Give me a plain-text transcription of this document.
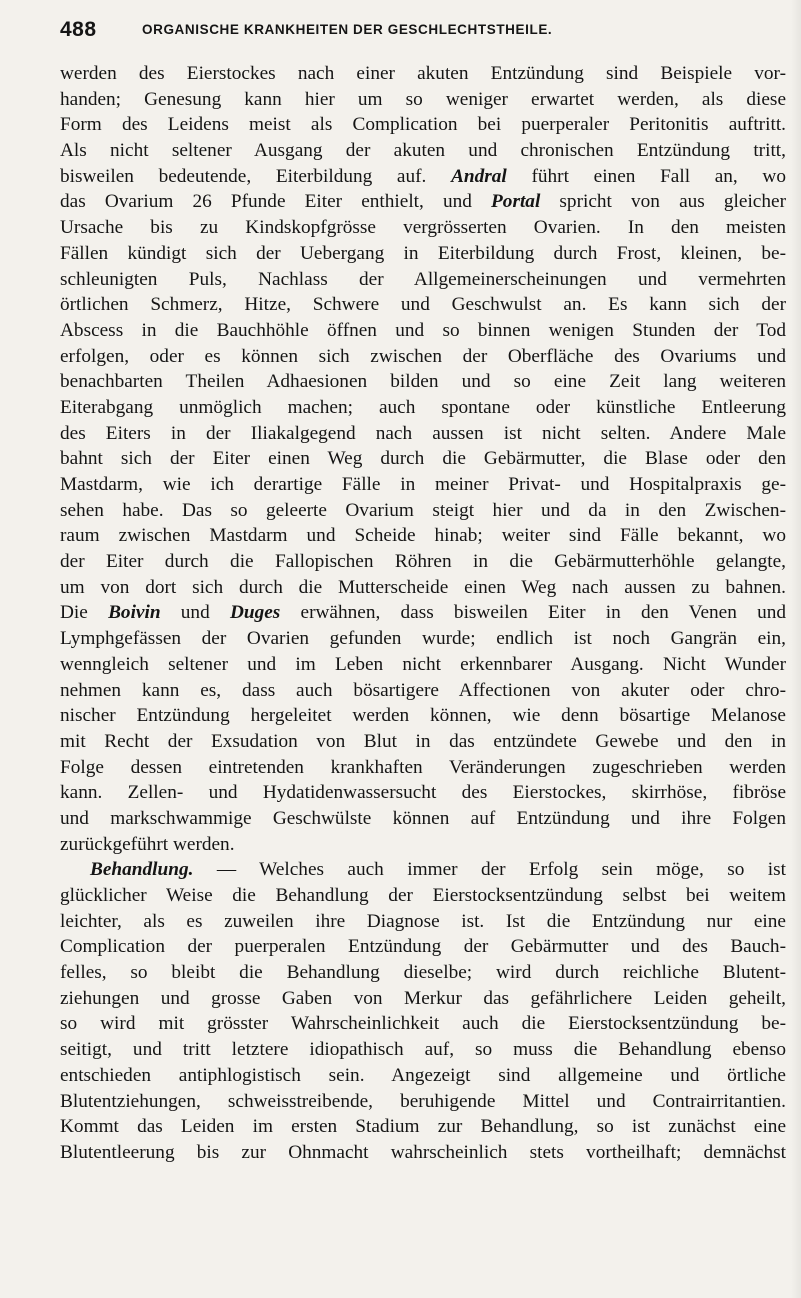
488	ORGANISCHE KRANKHEITEN DER GESCHLECHTSTHEILE.
werden des Eierstockes nach einer akuten Entzündung sind Beispiele vor-
handen; Genesung kann hier um so weniger erwartet werden, als diese
Form des Leidens meist als Complication bei puerperaler Peritonitis auftritt.
Als nicht seltener Ausgang der akuten und chronischen Entzündung tritt,
bisweilen bedeutende, Eiterbildung auf. Andral führt einen Fall an, wo
das Ovarium 26 Pfunde Eiter enthielt, und Portal spricht von aus gleicher
Ursache bis zu Kindskopfgrösse vergrösserten Ovarien. In den meisten
Fällen kündigt sich der Uebergang in Eiterbildung durch Frost, kleinen, be-
schleunigten Puls, Nachlass der Allgemeinerscheinungen und vermehrten
örtlichen Schmerz, Hitze, Schwere und Geschwulst an. Es kann sich der
Abscess in die Bauchhöhle öffnen und so binnen wenigen Stunden der Tod
erfolgen, oder es können sich zwischen der Oberfläche des Ovariums und
benachbarten Theilen Adhaesionen bilden und so eine Zeit lang weiteren
Eiterabgang unmöglich machen; auch spontane oder künstliche Entleerung
des Eiters in der Iliakalgegend nach aussen ist nicht selten. Andere Male
bahnt sich der Eiter einen Weg durch die Gebärmutter, die Blase oder den
Mastdarm, wie ich derartige Fälle in meiner Privat- und Hospitalpraxis ge-
sehen habe. Das so geleerte Ovarium steigt hier und da in den Zwischen-
raum zwischen Mastdarm und Scheide hinab; weiter sind Fälle bekannt, wo
der Eiter durch die Fallopischen Röhren in die Gebärmutterhöhle gelangte,
um von dort sich durch die Mutterscheide einen Weg nach aussen zu bahnen.
Die Boivin und Duges erwähnen, dass bisweilen Eiter in den Venen und
Lymphgefässen der Ovarien gefunden wurde; endlich ist noch Gangrän ein,
wenngleich seltener und im Leben nicht erkennbarer Ausgang. Nicht Wunder
nehmen kann es, dass auch bösartigere Affectionen von akuter oder chro-
nischer Entzündung hergeleitet werden können, wie denn bösartige Melanose
mit Recht der Exsudation von Blut in das entzündete Gewebe und den in
Folge dessen eintretenden krankhaften Veränderungen zugeschrieben werden
kann. Zellen- und Hydatidenwassersucht des Eierstockes, skirrhöse, fibröse
und markschwammige Geschwülste können auf Entzündung und ihre Folgen
zurückgeführt werden.
Behandlung. — Welches auch immer der Erfolg sein möge, so ist
glücklicher Weise die Behandlung der Eierstocksentzündung selbst bei weitem
leichter, als es zuweilen ihre Diagnose ist. Ist die Entzündung nur eine
Complication der puerperalen Entzündung der Gebärmutter und des Bauch-
felles, so bleibt die Behandlung dieselbe; wird durch reichliche Blutent-
ziehungen und grosse Gaben von Merkur das gefährlichere Leiden geheilt,
so wird mit grösster Wahrscheinlichkeit auch die Eierstocksentzündung be-
seitigt, und tritt letztere idiopathisch auf, so muss die Behandlung ebenso
entschieden antiphlogistisch sein. Angezeigt sind allgemeine und örtliche
Blutentziehungen, schweisstreibende, beruhigende Mittel und Contrairritantien.
Kommt das Leiden im ersten Stadium zur Behandlung, so ist zunächst eine
Blutentleerung bis zur Ohnmacht wahrscheinlich stets vortheilhaft; demnächst
